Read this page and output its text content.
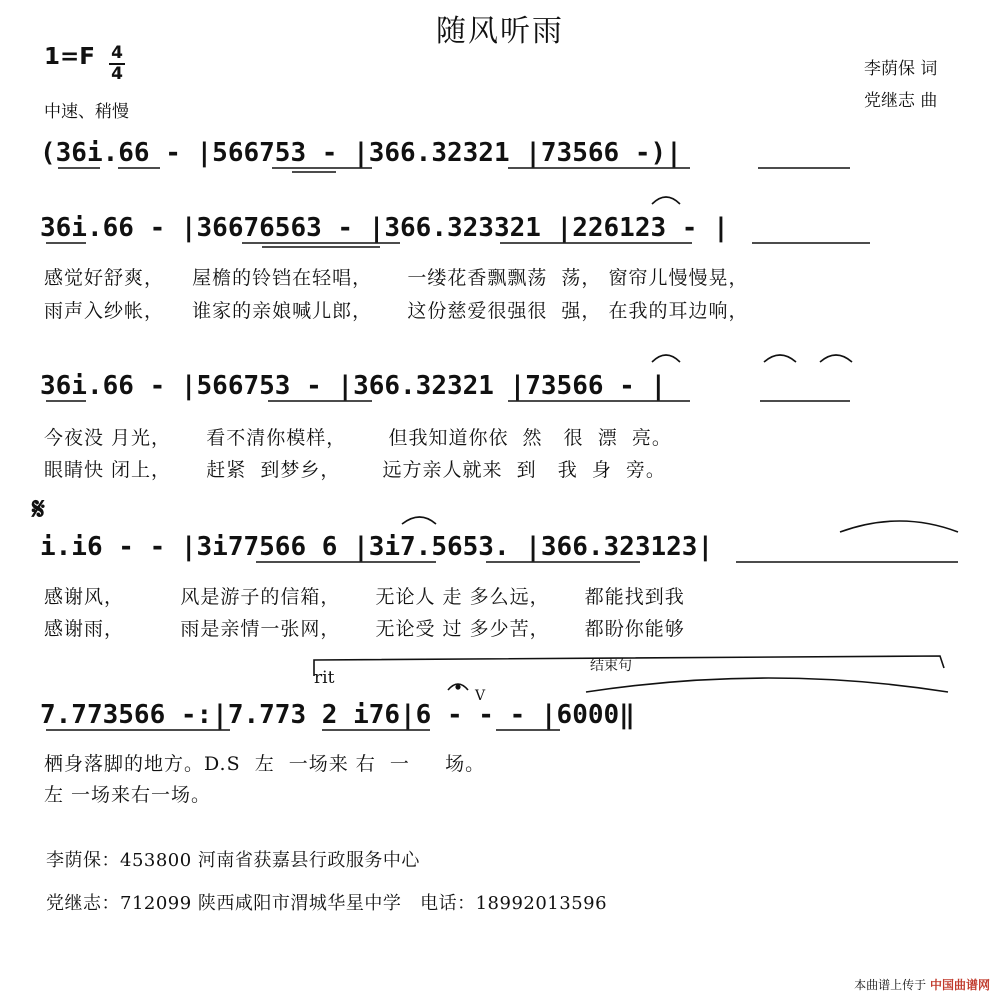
随风听雨
1=F 4
4
中速、稍慢
李荫保 词
党继志 曲
(36i.66 - |566753 - |366.32321 |73566 -)|
36i.66 - |36676563 - |366.323321 |226123 - |
感觉好舒爽，    屋檐的铃铛在轻唱，     一缕花香飘飘荡  荡， 窗帘儿慢慢晃，
雨声入纱帐，    谁家的亲娘喊儿郎，     这份慈爱很强很  强， 在我的耳边响，
36i.66 - |566753 - |366.32321 |73566 - |
今夜没 月光，     看不清你模样，      但我知道你依  然   很  漂  亮。
眼睛快 闭上，     赶紧  到梦乡，      远方亲人就来  到   我  身  旁。
𝄋
i.i6 - - |3i77566 6 |3i7.5653. |366.323123|
感谢风，        风是游子的信箱，     无论人 走 多么远，     都能找到我
感谢雨，        雨是亲情一张网，     无论受 过 多少苦，     都盼你能够
rit
结束句
V
7.773566 -:|7.773 2 i76|6 - - - |6000‖
栖身落脚的地方。D.S  左  一场来 右  一     场。
左 一场来右一场。
李荫保：453800 河南省获嘉县行政服务中心
党继志：712099 陕西咸阳市渭城华星中学   电话：18992013596
本曲谱上传于 中国曲谱网
